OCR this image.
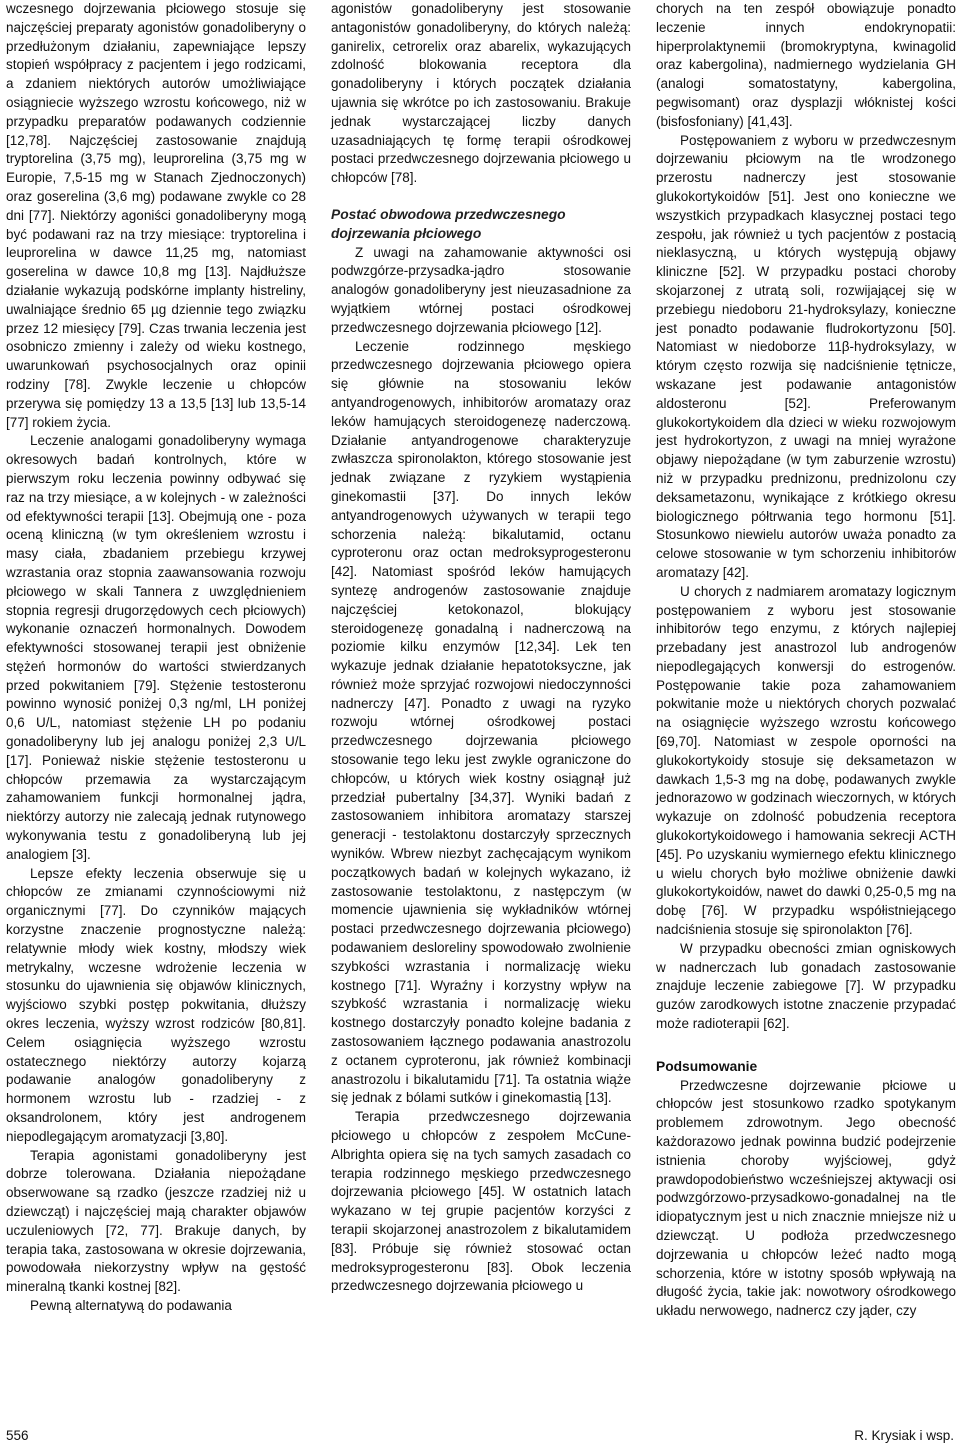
wczesnego dojrzewania płciowego stosuje się najczęściej preparaty agonistów gonadoliberyny o przedłużonym działaniu, zapewniające lepszy stopień współpracy z pacjentem i jego rodzicami, a zdaniem niektórych autorów umożliwiające osiągniecie wyższego wzrostu końcowego, niż w przypadku preparatów podawanych codziennie [12,78]. Najczęściej zastosowanie znajdują tryptorelina (3,75 mg), leuprorelina (3,75 mg w Europie, 7,5-15 mg w Stanach Zjednoczonych) oraz goserelina (3,6 mg) podawane zwykle co 28 dni [77]. Niektórzy agoniści gonadoliberyny mogą być podawani raz na trzy miesiące: tryptorelina i leuprorelina w dawce 11,25 mg, natomiast goserelina w dawce 10,8 mg [13]. Najdłuższe działanie wykazują podskórne implanty histreliny, uwalniające średnio 65 µg dziennie tego związku przez 12 miesięcy [79]. Czas trwania leczenia jest osobniczo zmienny i zależy od wieku kostnego, uwarunkowań psychosocjalnych oraz opinii rodziny [78]. Zwykle leczenie u chłopców przerywa się pomiędzy 13 a 13,5 [13] lub 13,5-14 [77] rokiem życia.

Leczenie analogami gonadoliberyny wymaga okresowych badań kontrolnych, które w pierwszym roku leczenia powinny odbywać się raz na trzy miesiące, a w kolejnych - w zależności od efektywności terapii [13]. Obejmują one - poza oceną kliniczną (w tym określeniem wzrostu i masy ciała, zbadaniem przebiegu krzywej wzrastania oraz stopnia zaawansowania rozwoju płciowego w skali Tannera z uwzględnieniem stopnia regresji drugorzędowych cech płciowych) wykonanie oznaczeń hormonalnych. Dowodem efektywności stosowanej terapii jest obniżenie stężeń hormonów do wartości stwierdzanych przed pokwitaniem [79]. Stężenie testosteronu powinno wynosić poniżej 0,3 ng/ml, LH poniżej 0,6 U/L, natomiast stężenie LH po podaniu gonadoliberyny lub jej analogu poniżej 2,3 U/L [17]. Ponieważ niskie stężenie testosteronu u chłopców przemawia za wystarczającym zahamowaniem funkcji hormonalnej jądra, niektórzy autorzy nie zalecają jednak rutynowego wykonywania testu z gonadoliberyną lub jej analogiem [3].

Lepsze efekty leczenia obserwuje się u chłopców ze zmianami czynnościowymi niż organicznymi [77]. Do czynników mających korzystne znaczenie prognostyczne należą: relatywnie młody wiek kostny, młodszy wiek metrykalny, wczesne wdrożenie leczenia w stosunku do ujawnienia się objawów klinicznych, wyjściowo szybki postęp pokwitania, dłuższy okres leczenia, wyższy wzrost rodziców [80,81]. Celem osiągnięcia wyższego wzrostu ostatecznego niektórzy autorzy kojarzą podawanie analogów gonadoliberyny z hormonem wzrostu lub - rzadziej - z oksandrolonem, który jest androgenem niepodlegającym aromatyzacji [3,80].

Terapia agonistami gonadoliberyny jest dobrze tolerowana. Działania niepożądane obserwowane są rzadko (jeszcze rzadziej niż u dziewcząt) i najczęściej mają charakter objawów uczuleniowych [72, 77]. Brakuje danych, by terapia taka, zastosowana w okresie dojrzewania, powodowała niekorzystny wpływ na gęstość mineralną tkanki kostnej [82].

Pewną alternatywą do podawania

agonistów gonadoliberyny jest stosowanie antagonistów gonadoliberyny, do których należą: ganirelix, cetrorelix oraz abarelix, wykazujących zdolność blokowania receptora dla gonadoliberyny i których początek działania ujawnia się wkrótce po ich zastosowaniu. Brakuje jednak wystarczającej liczby danych uzasadniających tę formę terapii ośrodkowej postaci przedwczesnego dojrzewania płciowego u chłopców [78].

Postać obwodowa przedwczesnego dojrzewania płciowego

Z uwagi na zahamowanie aktywności osi podwzgórze-przysadka-jądro stosowanie analogów gonadoliberyny jest nieuzasadnione za wyjątkiem wtórnej postaci ośrodkowej przedwczesnego dojrzewania płciowego [12].

Leczenie rodzinnego męskiego przedwczesnego dojrzewania płciowego opiera się głównie na stosowaniu leków antyandrogenowych, inhibitorów aromatazy oraz leków hamujących steroidogenezę naderczową. Działanie antyandrogenowe charakteryzuje zwłaszcza spironolakton, którego stosowanie jest jednak związane z ryzykiem wystąpienia ginekomastii [37]. Do innych leków antyandrogenowych używanych w terapii tego schorzenia należą: bikalutamid, octanu cyproteronu oraz octan medroksyprogesteronu [42]. Natomiast spośród leków hamujących syntezę androgenów zastosowanie znajduje najczęściej ketokonazol, blokujący steroidogenezę gonadalną i nadnerczową na poziomie kilku enzymów [12,34]. Lek ten wykazuje jednak działanie hepatotoksyczne, jak również może sprzyjać rozwojowi niedoczynności nadnerczy [47]. Ponadto z uwagi na ryzyko rozwoju wtórnej ośrodkowej postaci przedwczesnego dojrzewania płciowego stosowanie tego leku jest zwykle ograniczone do chłopców, u których wiek kostny osiągnął już przedział pubertalny [34,37]. Wyniki badań z zastosowaniem inhibitora aromatazy starszej generacji - testolaktonu dostarczyły sprzecznych wyników. Wbrew niezbyt zachęcającym wynikom początkowych badań w kolejnych wykazano, iż zastosowanie testolaktonu, z następczym (w momencie ujawnienia się wykładników wtórnej postaci przedwczesnego dojrzewania płciowego) podawaniem desloreliny spowodowało zwolnienie szybkości wzrastania i normalizację wieku kostnego [71]. Wyraźny i korzystny wpływ na szybkość wzrastania i normalizację wieku kostnego dostarczyły ponadto kolejne badania z zastosowaniem łącznego podawania anastrozolu z octanem cyproteronu, jak również kombinacji anastrozolu i bikalutamidu [71]. Ta ostatnia wiąże się jednak z bólami sutków i ginekomastią [13].

Terapia przedwczesnego dojrzewania płciowego u chłopców z zespołem McCune-Albrighta opiera się na tych samych zasadach co terapia rodzinnego męskiego przedwczesnego dojrzewania płciowego [45]. W ostatnich latach wykazano w tej grupie pacjentów korzyści z terapii skojarzonej anastrozolem z bikalutamidem [83]. Próbuje się również stosować octan medroksyprogesteronu [83]. Obok leczenia przedwczesnego dojrzewania płciowego u

chorych na ten zespół obowiązuje ponadto leczenie innych endokrynopatii: hiperprolaktynemii (bromokryptyna, kwinagolid oraz kabergolina), nadmiernego wydzielania GH (analogi somatostatyny, kabergolina, pegwisomant) oraz dysplazji włóknistej kości (bisfosfoniany) [41,43].

Postępowaniem z wyboru w przedwczesnym dojrzewaniu płciowym na tle wrodzonego przerostu nadnerczy jest stosowanie glukokortykoidów [51]. Jest ono konieczne we wszystkich przypadkach klasycznej postaci tego zespołu, jak również u tych pacjentów z postacią nieklasyczną, u których występują objawy kliniczne [52]. W przypadku postaci choroby skojarzonej z utratą soli, rozwijającej się w przebiegu niedoboru 21-hydroksylazy, konieczne jest ponadto podawanie fludrokortyzonu [50]. Natomiast w niedoborze 11β-hydroksylazy, w którym często rozwija się nadciśnienie tętnicze, wskazane jest podawanie antagonistów aldosteronu [52]. Preferowanym glukokortykoidem dla dzieci w wieku rozwojowym jest hydrokortyzon, z uwagi na mniej wyrażone objawy niepożądane (w tym zaburzenie wzrostu) niż w przypadku prednizonu, prednizolonu czy deksametazonu, wynikające z krótkiego okresu biologicznego półtrwania tego hormonu [51]. Stosunkowo niewielu autorów uważa ponadto za celowe stosowanie w tym schorzeniu inhibitorów aromatazy [42].

U chorych z nadmiarem aromatazy logicznym postępowaniem z wyboru jest stosowanie inhibitorów tego enzymu, z których najlepiej przebadany jest anastrozol lub androgenów niepodlegających konwersji do estrogenów. Postępowanie takie poza zahamowaniem pokwitanie może u niektórych chorych pozwalać na osiągnięcie wyższego wzrostu końcowego [69,70]. Natomiast w zespole oporności na glukokortykoidy stosuje się deksametazon w dawkach 1,5-3 mg na dobę, podawanych zwykle jednorazowo w godzinach wieczornych, w których wykazuje on zdolność pobudzenia receptora glukokortykoidowego i hamowania sekrecji ACTH [45]. Po uzyskaniu wymiernego efektu klinicznego u wielu chorych było możliwe obniżenie dawki glukokortykoidów, nawet do dawki 0,25-0,5 mg na dobę [76]. W przypadku współistniejącego nadciśnienia stosuje się spironolakton [76].

W przypadku obecności zmian ogniskowych w nadnerczach lub gonadach zastosowanie znajduje leczenie zabiegowe [7]. W przypadku guzów zarodkowych istotne znaczenie przypadać może radioterapii [62].

Podsumowanie

Przedwczesne dojrzewanie płciowe u chłopców jest stosunkowo rzadko spotykanym problemem zdrowotnym. Jego obecność każdorazowo jednak powinna budzić podejrzenie istnienia choroby wyjściowej, gdyż prawdopodobieństwo wcześniejszej aktywacji osi podwzgórzowo-przysadkowo-gonadalnej na tle idiopatycznym jest u nich znacznie mniejsze niż u dziewcząt. U podłoża przedwczesnego dojrzewania u chłopców leżeć nadto mogą schorzenia, które w istotny sposób wpływają na długość życia, takie jak: nowotwory ośrodkowego układu nerwowego, nadnercz czy jąder, czy

556	R. Krysiak i wsp.
